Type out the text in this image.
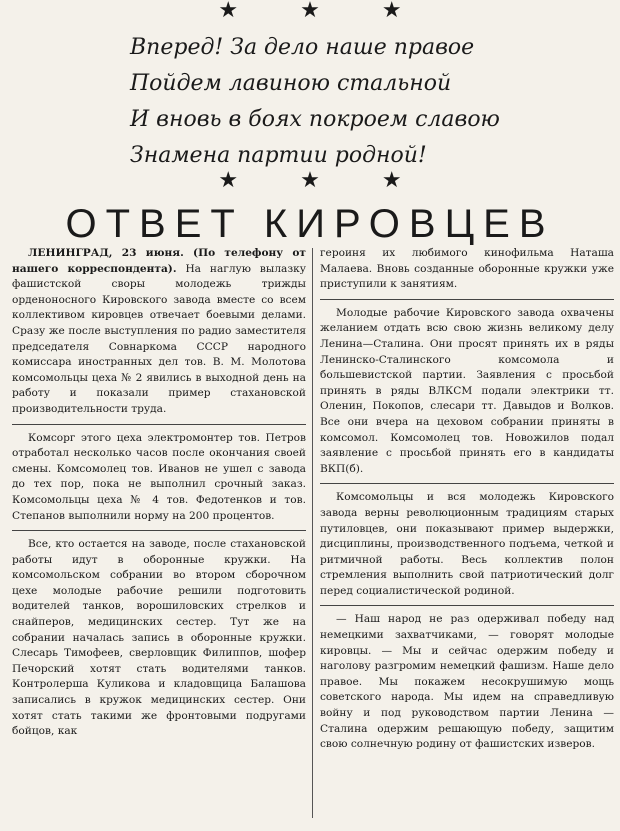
★	★	★
Вперед! За дело наше правое
Пойдем лавиною стальной
И вновь в боях покроем славою
Знамена партии родной!
★	★	★
ОТВЕТ КИРОВЦЕВ

ЛЕНИНГРАД, 23 июня. (По телефону от нашего корреспондента). На наглую вылазку фашистской своры молодежь трижды орденоносного Кировского завода вместе со всем коллективом кировцев отвечает боевыми делами. Сразу же после выступления по радио заместителя председателя Совнаркома СССР народного комиссара иностранных дел тов. В. М. Молотова комсомольцы цеха № 2 явились в выходной день на работу и показали пример стахановской производительности труда.

Комсорг этого цеха электромонтер тов. Петров отработал несколько часов после окончания своей смены. Комсомолец тов. Иванов не ушел с завода до тех пор, пока не выполнил срочный заказ. Комсомольцы цеха № 4 тов. Федотенков и тов. Степанов выполнили норму на 200 процентов.

Все, кто остается на заводе, после стахановской работы идут в оборонные кружки. На комсомольском собрании во втором сборочном цехе молодые рабочие решили подготовить водителей танков, ворошиловских стрелков и снайперов, медицинских сестер. Тут же на собрании началась запись в оборонные кружки. Слесарь Тимофеев, сверловщик Филиппов, шофер Печорский хотят стать водителями танков. Контролерша Куликова и кладовщица Балашова записались в кружок медицинских сестер. Они хотят стать такими же фронтовыми подругами бойцов, как

героиня их любимого кинофильма Наташа Малаева. Вновь созданные оборонные кружки уже приступили к занятиям.

Молодые рабочие Кировского завода охвачены желанием отдать всю свою жизнь великому делу Ленина—Сталина. Они просят принять их в ряды Ленинско-Сталинского комсомола и большевистской партии. Заявления с просьбой принять в ряды ВЛКСМ подали электрики тт. Оленин, Покопов, слесари тт. Давыдов и Волков. Все они вчера на цеховом собрании приняты в комсомол. Комсомолец тов. Новожилов подал заявление с просьбой принять его в кандидаты ВКП(б).

Комсомольцы и вся молодежь Кировского завода верны революционным традициям старых путиловцев, они показывают пример выдержки, дисциплины, производственного подъема, четкой и ритмичной работы. Весь коллектив полон стремления выполнить свой патриотический долг перед социалистической родиной.

— Наш народ не раз одерживал победу над немецкими захватчиками, — говорят молодые кировцы. — Мы и сейчас одержим победу и наголову разгромим немецкий фашизм. Наше дело правое. Мы покажем несокрушимую мощь советского народа. Мы идем на справедливую войну и под руководством партии Ленина — Сталина одержим решающую победу, защитим свою солнечную родину от фашистских изверов.
